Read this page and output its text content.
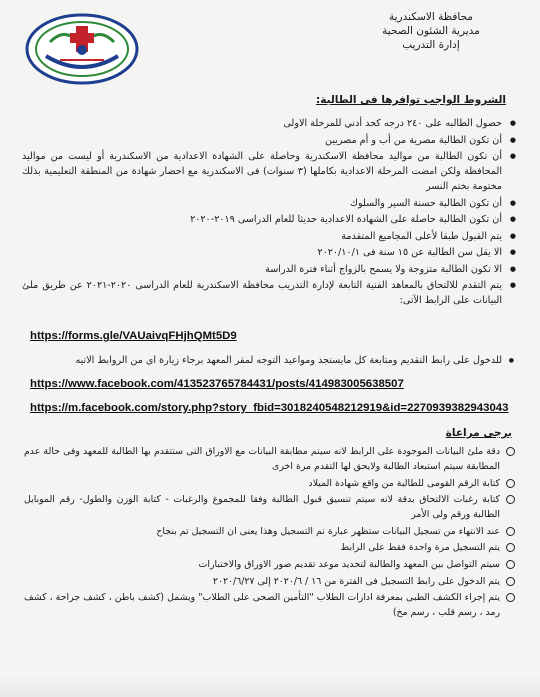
محافظة الاسكندرية
مديرية الشئون الصحية
إدارة التدريب
الشروط الواجب توافرها فى الطالبة:
● حصول الطالبه على ٢٤٠ درجه كحد أدني للمرحلة الاولى
● أن تكون الطالبة مصرية من أب و أم مصريين
● أن تكون الطالبة من مواليد محافظة الاسكندرية وحاصلة على الشهادة الاعدادية من الاسكندرية أو ليست من مواليد المحافظة ولكن امضت المرحلة الاعدادية بكاملها (٣ سنوات) فى الاسكندرية مع احضار شهادة من المنطقة التعليمية بذلك مختومة بختم النسر
● أن تكون الطالبة حسنة السير والسلوك
● أن تكون الطالبة حاصلة على الشهادة الاعدادية حديثا للعام الدراسى ٢٠١٩-٢٠٢٠
● يتم القبول طبقا لأعلى المجاميع المتقدمة
● الا يقل سن الطالبة عن ١٥ سنة فى ٢٠٢٠/١٠/١
● الا تكون الطالبة متزوجة ولا يسمح بالزواج أثناء فترة الدراسة
● يتم التقدم للالتحاق بالمعاهد الفنية التابعة لإدارة التدريب محافظة الاسكندرية للعام الدراسى ٢٠٢٠-٢٠٢١ عن طريق ملئ البيانات على الرابط الآتى:
https://forms.gle/VAUaivqFHjhQMt5D9
● للدخول على رابط التقديم ومتابعة كل مايستجد ومواعيد التوجه لمقر المعهد برجاء زيارة اى من الروابط الاتيه
https://www.facebook.com/413523765784431/posts/414983005638507
https://m.facebook.com/story.php?story_fbid=3018240548212919&id=2270939382943043
برجى مراعاة
دقة ملئ البيانات الموجودة على الرابط لانه سيتم مطابقة البيانات مع الاوراق التى ستتقدم بها الطالبة للمعهد وفى حالة عدم المطابقة سيتم استبعاد الطالبة ولايحق لها التقدم مرة اخرى
كتابة الرقم القومى للطالبة من واقع شهادة الميلاد
كتابة رغبات الالتحاق بدقة لانه سيتم تنسيق قبول الطالبة وفقا للمجموع والرغبات - كتابة الوزن والطول- رقم الموبايل الطالبة ورقم ولى الأمر
عند الانتهاء من تسجيل البيانات ستظهر عبارة تم التسجيل وهذا يعنى ان التسجيل تم بنجاح
يتم التسجيل مرة واحدة فقط على الرابط
سيتم التواصل بين المعهد والطالبة لتحديد موعد تقديم صور الاوراق والاختبارات
يتم الدخول على رابط التسجيل فى الفترة من ١٦ / ٢٠٢٠/٦ إلى ٢٠٢٠/٦/٢٧
يتم إجراء الكشف الطبى بمعرفة ادارات الطلاب "التأمين الصحى على الطلاب" ويشمل (كشف باطن ، كشف جراحة ، كشف رمد ، رسم قلب ، رسم مخ)
